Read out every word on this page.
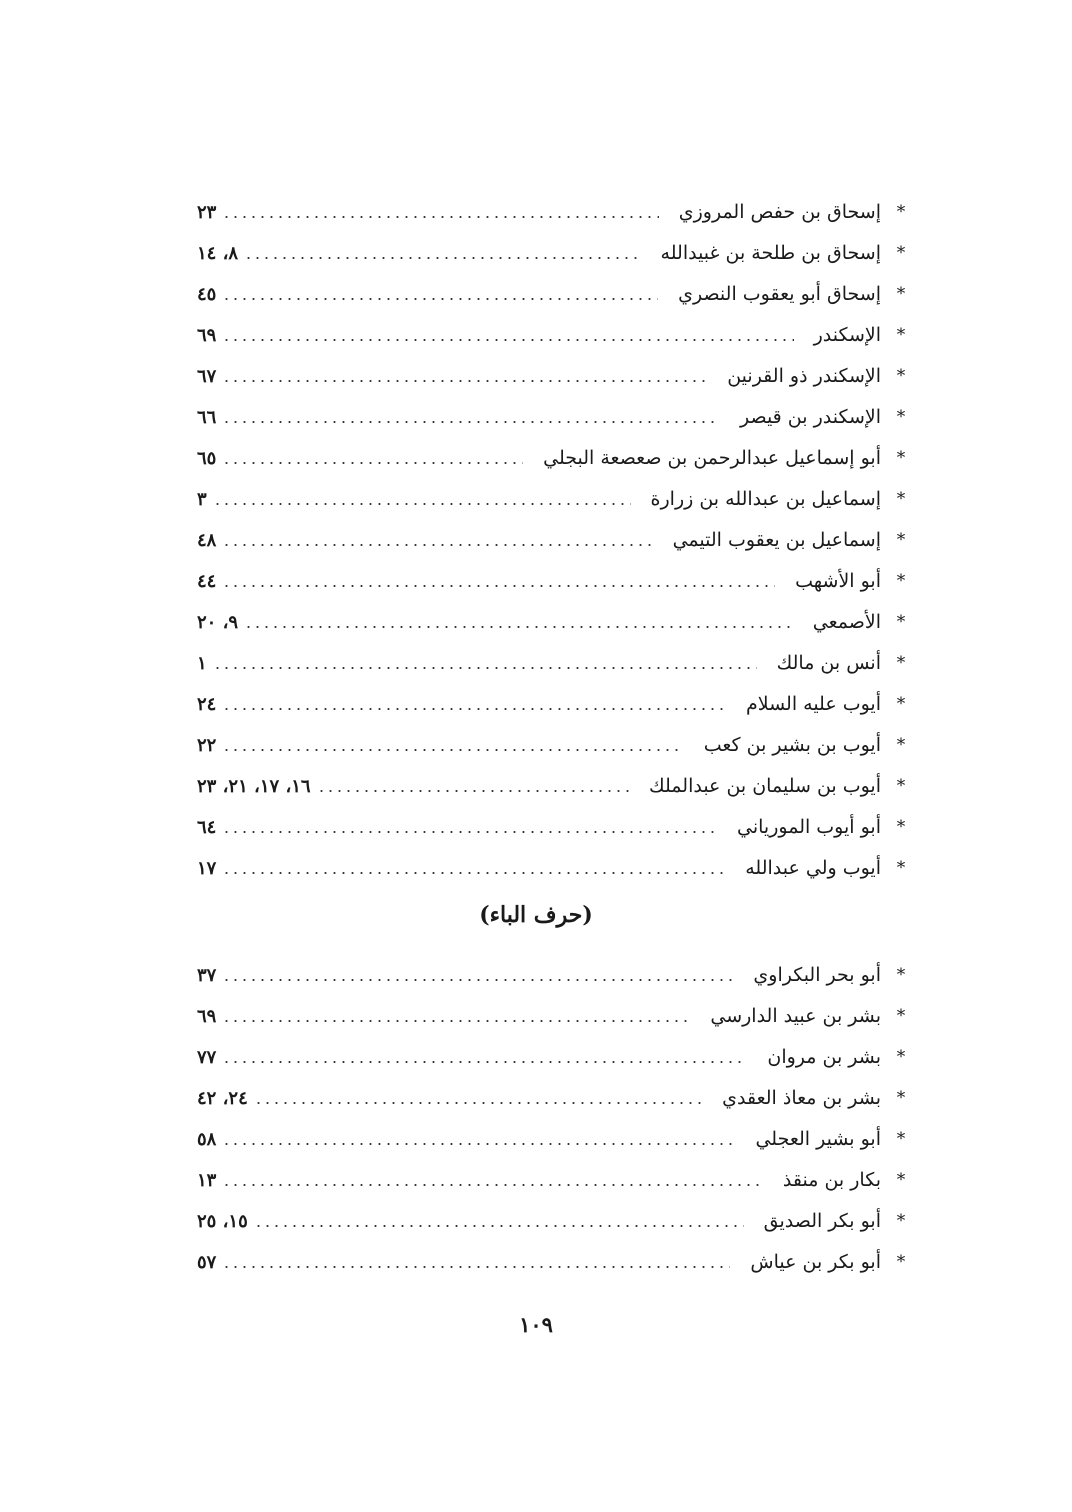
*
إسحاق بن حفص المروزي
٢٣
*
إسحاق بن طلحة بن غبيدالله
٨، ١٤
*
إسحاق أبو يعقوب النصري
٤٥
*
الإسكندر
٦٩
*
الإسكندر ذو القرنين
٦٧
*
الإسكندر بن قيصر
٦٦
*
أبو إسماعيل عبدالرحمن بن صعصعة البجلي
٦٥
*
إسماعيل بن عبدالله بن زرارة
٣
*
إسماعيل بن يعقوب التيمي
٤٨
*
أبو الأشهب
٤٤
*
الأصمعي
٩، ٢٠
*
أنس بن مالك
١
*
أيوب عليه السلام
٢٤
*
أيوب بن بشير بن كعب
٢٢
*
أيوب بن سليمان بن عبدالملك
١٦، ١٧، ٢١، ٢٣
*
أبو أيوب المورياني
٦٤
*
أيوب ولي عبدالله
١٧
(حرف الباء)
*
أبو بحر البكراوي
٣٧
*
بشر بن عبيد الدارسي
٦٩
*
بشر بن مروان
٧٧
*
بشر بن معاذ العقدي
٢٤، ٤٢
*
أبو بشير العجلي
٥٨
*
بكار بن منقذ
١٣
*
أبو بكر الصديق
١٥، ٢٥
*
أبو بكر بن عياش
٥٧
١٠٩
